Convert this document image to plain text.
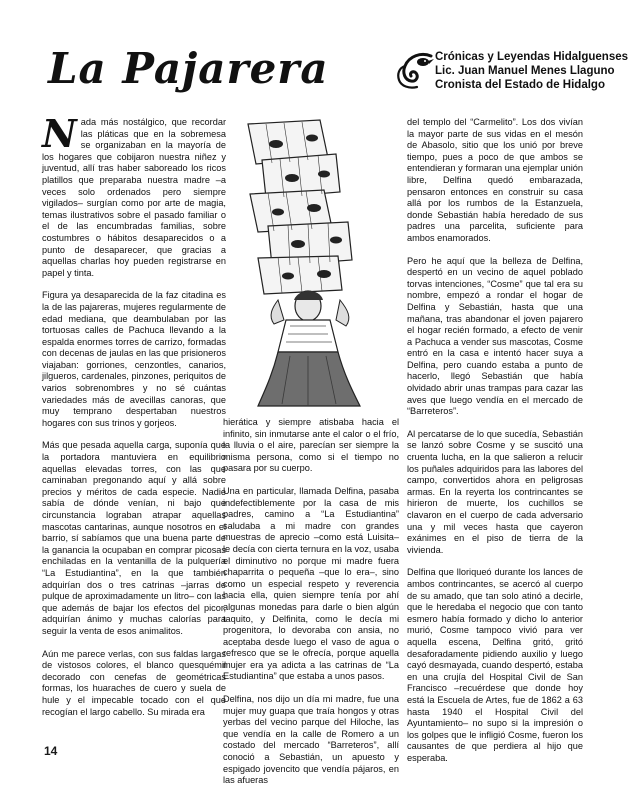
La Pajarera	Crónicas y Leyendas Hidalguenses
Lic. Juan Manuel Menes Llaguno
Cronista del Estado de Hidalgo

Nada más nostálgico, que recordar las pláticas que en la sobremesa se organizaban en la mayoría de los hogares que cobijaron nuestra niñez y juventud, allí tras haber saboreado los ricos platillos que preparaba nuestra madre –a veces solo ordenados pero siempre vigilados– surgían como por arte de magia, temas ilustrativos sobre el pasado familiar o el de las encumbradas familias, sobre costumbres o hábitos desaparecidos o a punto de desaparecer, que gracias a aquellas charlas hoy pueden registrarse en papel y tinta.

Figura ya desaparecida de la faz citadina es la de las pajareras, mujeres regularmente de edad mediana, que deambulaban por las tortuosas calles de Pachuca llevando a la espalda enormes torres de carrizo, formadas con decenas de jaulas en las que prisioneros viajaban: gorriones, cenzontles, canarios, jilgueros, cardenales, pinzones, periquitos de varios sobrenombres y no sé cuántas variedades más de avecillas canoras, que muy temprano despertaban nuestros hogares con sus trinos y gorjeos.

Más que pesada aquella carga, suponía que la portadora mantuviera en equilibrio aquellas elevadas torres, con las que caminaban pregonando aquí y allá sobre precios y méritos de cada especie. Nadie sabía de dónde venían, ni bajo que circunstancia lograban atrapar aquellas mascotas cantarinas, aunque nosotros en el barrio, sí sabíamos que una buena parte de la ganancia la ocupaban en comprar picosas enchiladas en la ventanilla de la pulquería “La Estudiantina”, en la que también adquirían dos o tres catrinas –jarras de pulque de aproximadamente un litro– con las que además de bajar los efectos del picor, adquirían ánimo y muchas calorías para seguir la venta de esos animalitos.

Aún me parece verlas, con sus faldas largas de vistosos colores, el blanco quesquémil decorado con cenefas de geométricas formas, los huaraches de cuero y suela de hule y el impecable tocado con el que recogían el largo cabello. Su mirada era

hierática y siempre atisbaba hacia el infinito, sin inmutarse ante el calor o el frío, la lluvia o el aire, parecían ser siempre la misma persona, como si el tiempo no pasara por su cuerpo.

Una en particular, llamada Delfina, pasaba indefectiblemente por la casa de mis padres, camino a “La Estudiantina” saludaba a mi madre con grandes muestras de aprecio –como está Luisita– le decía con cierta ternura en la voz, usaba el diminutivo no porque mi madre fuera chaparrita o pequeña –que lo era–, sino como un especial respeto y reverencia hacia ella, quien siempre tenía por ahí algunas monedas para darle o bien algún taquito, y Delfinita, como le decía mi progenitora, lo devoraba con ansia, no aceptaba desde luego el vaso de agua o refresco que se le ofrecía, porque aquella mujer era ya adicta a las catrinas de “La Estudiantina” que estaba a unos pasos.

Delfina, nos dijo un día mi madre, fue una mujer muy guapa que traía hongos y otras yerbas del vecino parque del Hiloche, las que vendía en la calle de Romero a un costado del mercado “Barreteros”, allí conoció a Sebastián, un apuesto y espigado jovencito que vendía pájaros, en las afueras

del templo del “Carmelito”. Los dos vivían la mayor parte de sus vidas en el mesón de Abasolo, sitio que los unió por breve tiempo, pues a poco de que ambos se entendieran y formaran una ejemplar unión libre, Delfina quedó embarazada, pensaron entonces en construir su casa allá por los rumbos de la Estanzuela, donde Sebastián había heredado de sus padres una parcelita, suficiente para ambos enamorados.

Pero he aquí que la belleza de Delfina, despertó en un vecino de aquel poblado torvas intenciones, “Cosme” que tal era su nombre, empezó a rondar el hogar de Delfina y Sebastián, hasta que una mañana, tras abandonar el joven pajarero el hogar recién formado, a efecto de venir a Pachuca a vender sus mascotas, Cosme entró en la casa e intentó hacer suya a Delfina, pero cuando estaba a punto de hacerlo, llegó Sebastián que había olvidado abrir unas trampas para cazar las aves que luego vendía en el mercado de “Barreteros”.

Al percatarse de lo que sucedía, Sebastián se lanzó sobre Cosme y se suscitó una cruenta lucha, en la que salieron a relucir los puñales adquiridos para las labores del campo, convertidos ahora en peligrosas armas. En la reyerta los contrincantes se hirieron de muerte, los cuchillos se clavaron en el cuerpo de cada adversario una y mil veces hasta que cayeron exánimes en el piso de tierra de la vivienda.

Delfina que lloriqueó durante los lances de ambos contrincantes, se acercó al cuerpo de su amado, que tan solo atinó a decirle, que le heredaba el negocio que con tanto esmero había formado y dicho lo anterior murió, Cosme tampoco vivió para ver aquella escena, Delfina gritó, gritó desaforadamente pidiendo auxilio y luego cayó desmayada, cuando despertó, estaba en una crujía del Hospital Civil de San Francisco –recuérdese que donde hoy está la Escuela de Artes, fue de 1862 a 63 hasta 1940 el Hospital Civil del Ayuntamiento– no supo si la impresión o los golpes que le infligió Cosme, fueron los causantes de que perdiera al hijo que esperaba.

14
